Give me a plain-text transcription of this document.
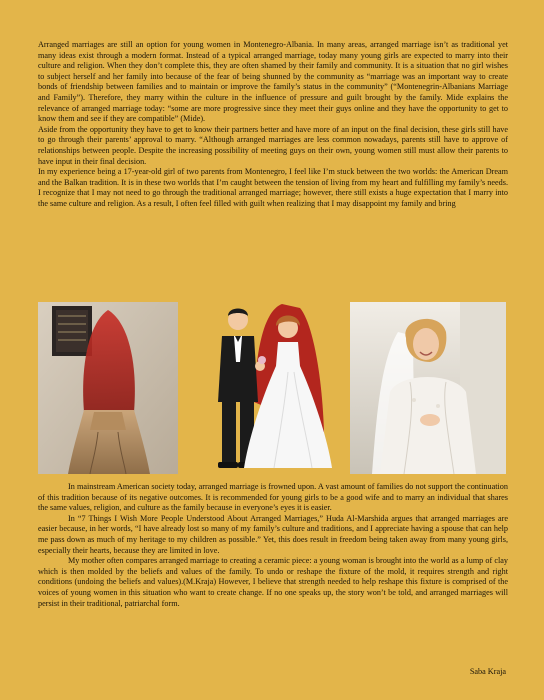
Arranged marriages are still an option for young women in Montenegro-Albania. In many areas, arranged marriage isn’t as traditional yet many ideas exist through a modern format. Instead of a typical arranged marriage, today many young girls are expected to marry into their culture and religion. When they don’t complete this, they are often shamed by their family and community. It is a situation that no girl wishes to subject herself and her family into because of the fear of being shunned by the community as “marriage was an important way to create bonds of friendship between families and to maintain or improve the family’s status in the community” (“Montenegrin-Albanians Marriage and Family”). Therefore, they marry within the culture in the influence of pressure and guilt brought by the family. Mide explains the relevance of arranged marriage today: “some are more progressive since they meet their guys online and they have the opportunity to get to know them and see if they are compatible” (Mide).

Aside from the opportunity they have to get to know their partners better and have more of an input on the final decision, these girls still have to go through their parents’ approval to marry. “Although arranged marriages are less common nowadays, parents still have to approve of relationships between people. Despite the increasing possibility of meeting guys on their own, young women still must allow their parents to have input in their final decision.

In my experience being a 17-year-old girl of two parents from Montenegro, I feel like I’m stuck between the two worlds: the American Dream and the Balkan tradition. It is in these two worlds that I’m caught between the tension of living from my heart and fulfilling my family’s needs. I recognize that I may not need to go through the traditional arranged marriage; however, there still exists a huge expectation that I marry into the same culture and religion. As a result, I often feel filled with guilt when realizing that I may disappoint my family and bring

In mainstream American society today, arranged marriage is frowned upon. A vast amount of families do not support the continuation of this tradition because of its negative outcomes. It is recommended for young girls to be a good wife and to marry an individual that shares the same values, religion, and culture as the family because in everyone’s eyes it is easier.

In “7 Things I Wish More People Understood About Arranged Marriages,” Huda Al-Marshida argues that arranged marriages are easier because, in her words, “I have already lost so many of my family’s culture and traditions, and I appreciate having a spouse that can help me pass down as much of my heritage to my children as possible.” Yet, this does result in freedom being taken away from many young girls, especially their hearts, because they are limited in love.

My mother often compares arranged marriage to creating a ceramic piece: a young woman is brought into the world as a lump of clay which is then molded by the beliefs and values of the family. To undo or reshape the fixture of the mold, it requires strength and right conditions (undoing the beliefs and values).(M.Kraja) However, I believe that strength needed to help reshape this fixture is comprised of the voices of young women in this situation who want to create change. If no one speaks up, the story won’t be told, and arranged marriages will persist in their traditional, patriarchal form.

Saba Kraja
